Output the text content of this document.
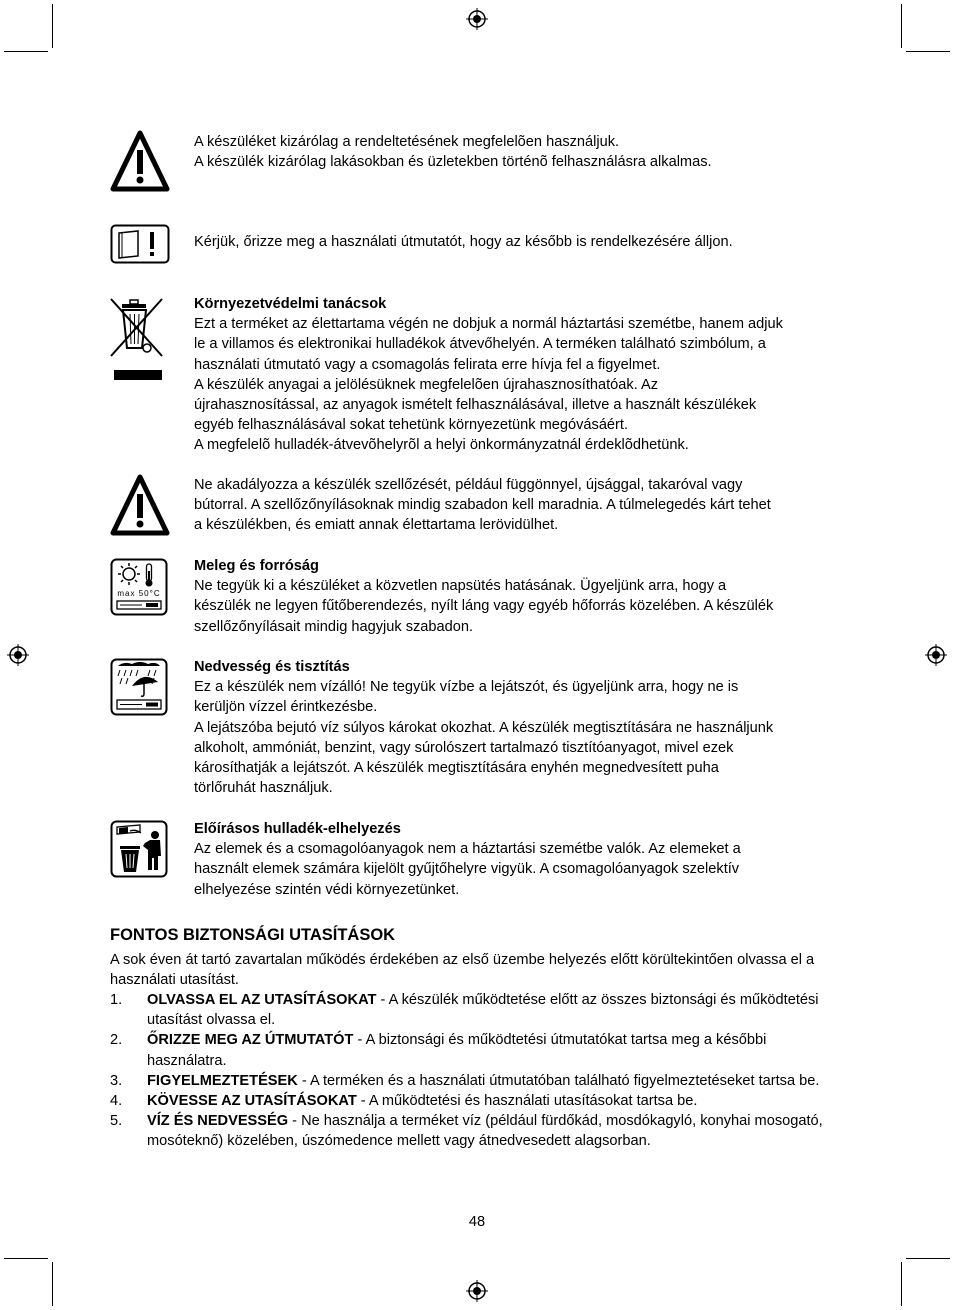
A készüléket kizárólag a rendeltetésének megfelelõen használjuk.

A készülék kizárólag lakásokban és üzletekben történõ felhasználásra alkalmas.

Kérjük, őrizze meg a használati útmutatót, hogy az később is rendelkezésére álljon.

Környezetvédelmi tanácsok

Ezt a terméket az élettartama végén ne dobjuk a normál háztartási szemétbe, hanem adjuk

le a villamos és elektronikai hulladékok átvevőhelyén. A terméken található szimbólum, a

használati útmutató vagy a csomagolás felirata erre hívja fel a figyelmet.

A készülék anyagai a jelölésüknek megfelelõen újrahasznosíthatóak. Az

újrahasznosítással, az anyagok ismételt felhasználásával, illetve a használt készülékek

egyéb felhasználásával sokat tehetünk környezetünk megóvásáért.

A megfelelõ hulladék-átvevõhelyrõl a helyi önkormányzatnál érdeklõdhetünk.

Ne akadályozza a készülék szellőzését, például függönnyel, újsággal, takaróval vagy

bútorral. A szellőzőnyílásoknak mindig szabadon kell maradnia. A túlmelegedés kárt tehet

a készülékben, és emiatt annak élettartama lerövidülhet.

max 50°C

Meleg és forróság

Ne tegyük ki a készüléket a közvetlen napsütés hatásának. Ügyeljünk arra, hogy a

készülék ne legyen fűtőberendezés, nyílt láng vagy egyéb hőforrás közelében. A készülék

szellőzőnyílásait mindig hagyjuk szabadon.

Nedvesség és tisztítás

Ez a készülék nem vízálló! Ne tegyük vízbe a lejátszót, és ügyeljünk arra, hogy ne is

kerüljön vízzel érintkezésbe.

A lejátszóba bejutó víz súlyos károkat okozhat. A készülék megtisztítására ne használjunk

alkoholt, ammóniát, benzint, vagy súrolószert tartalmazó tisztítóanyagot, mivel ezek

károsíthatják a lejátszót. A készülék megtisztítására enyhén megnedvesített puha

törlőruhát használjuk.

Előírásos hulladék-elhelyezés

Az elemek és a csomagolóanyagok nem a háztartási szemétbe valók. Az elemeket a

használt elemek számára kijelölt gyűjtőhelyre vigyük. A csomagolóanyagok szelektív

elhelyezése szintén védi környezetünket.

FONTOS BIZTONSÁGI UTASÍTÁSOK
A sok éven át tartó zavartalan működés érdekében az első üzembe helyezés előtt körültekintően olvassa el a használati utasítást.
1. OLVASSA EL AZ UTASÍTÁSOKAT - A készülék működtetése előtt az összes biztonsági és működtetési utasítást olvassa el.
2. ŐRIZZE MEG AZ ÚTMUTATÓT - A biztonsági és működtetési útmutatókat tartsa meg a későbbi használatra.
3. FIGYELMEZTETÉSEK - A terméken és a használati útmutatóban található figyelmeztetéseket tartsa be.
4. KÖVESSE AZ UTASÍTÁSOKAT - A működtetési és használati utasításokat tartsa be.
5. VÍZ ÉS NEDVESSÉG - Ne használja a terméket víz (például fürdőkád, mosdókagyló, konyhai mosogató, mosóteknő) közelében, úszómedence mellett vagy átnedvesedett alagsorban.
48
